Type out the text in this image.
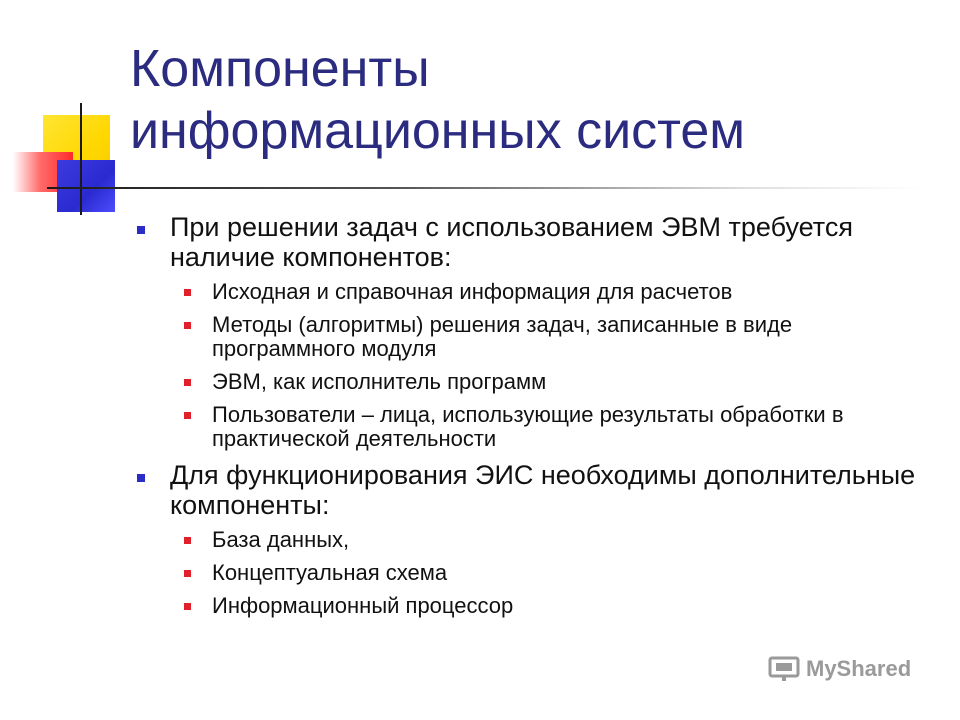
Компоненты
информационных систем
При решении задач с использованием ЭВМ требуется наличие компонентов:
Исходная и справочная информация для расчетов
Методы (алгоритмы) решения задач, записанные в виде программного модуля
ЭВМ, как исполнитель программ
Пользователи – лица, использующие результаты обработки в практической деятельности
Для функционирования ЭИС необходимы дополнительные компоненты:
База данных,
Концептуальная схема
Информационный процессор
MyShared
